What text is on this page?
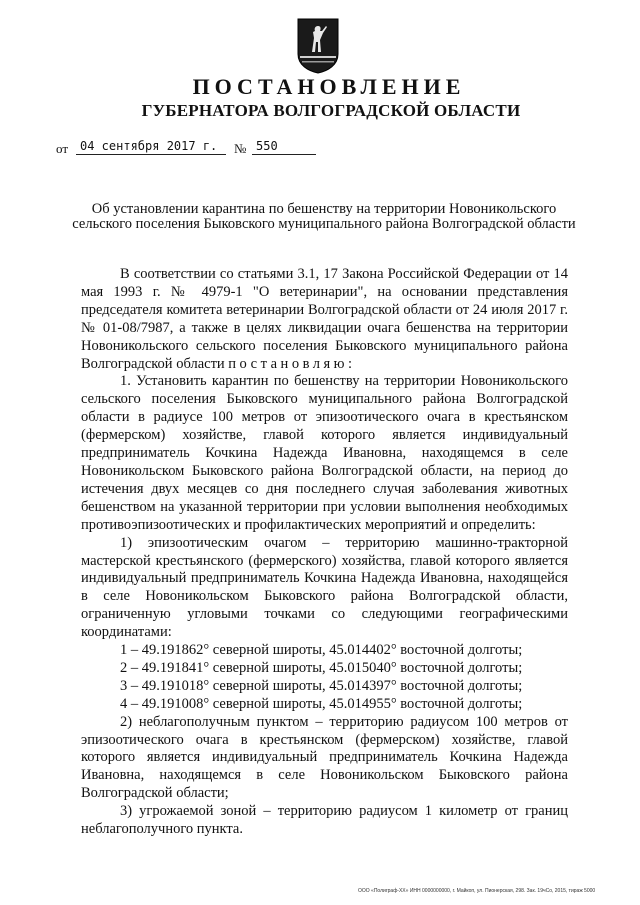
ПОСТАНОВЛЕНИЕ
ГУБЕРНАТОРА ВОЛГОГРАДСКОЙ ОБЛАСТИ
от 04 сентября 2017 г.	№ 550
Об установлении карантина по бешенству на территории Новоникольского сельского поселения Быковского муниципального района Волгоградской области

В соответствии со статьями 3.1, 17 Закона Российской Федерации от 14 мая 1993 г. № 4979-1 "О ветеринарии", на основании представления председателя комитета ветеринарии Волгоградской области от 24 июля 2017 г. № 01-08/7987, а также в целях ликвидации очага бешенства на территории Новоникольского сельского поселения Быковского муниципального района Волгоградской области постановляю:

1. Установить карантин по бешенству на территории Новоникольского сельского поселения Быковского муниципального района Волгоградской области в радиусе 100 метров от эпизоотического очага в крестьянском (фермерском) хозяйстве, главой которого является индивидуальный предприниматель Кочкина Надежда Ивановна, находящемся в селе Новоникольском Быковского района Волгоградской области, на период до истечения двух месяцев со дня последнего случая заболевания животных бешенством на указанной территории при условии выполнения необходимых противоэпизоотических и профилактических мероприятий и определить:

1) эпизоотическим очагом – территорию машинно-тракторной мастерской крестьянского (фермерского) хозяйства, главой которого является индивидуальный предприниматель Кочкина Надежда Ивановна, находящейся в селе Новоникольском Быковского района Волгоградской области, ограниченную угловыми точками со следующими географическими координатами:

1 – 49.191862° северной широты, 45.014402° восточной долготы;

2 – 49.191841° северной широты, 45.015040° восточной долготы;

3 – 49.191018° северной широты, 45.014397° восточной долготы;

4 – 49.191008° северной широты, 45.014955° восточной долготы;

2) неблагополучным пунктом – территорию радиусом 100 метров от эпизоотического очага в крестьянском (фермерском) хозяйстве, главой которого является индивидуальный предприниматель Кочкина Надежда Ивановна, находящемся в селе Новоникольском Быковского района Волгоградской области;

3) угрожаемой зоной – территорию радиусом 1 километр от границ неблагополучного пункта.

ООО «Полиграф-ХХ» ИНН 0000000000, г. Майкоп, ул. Пионерская, 298. Зак. 19чСо, 2015, тираж 5000
